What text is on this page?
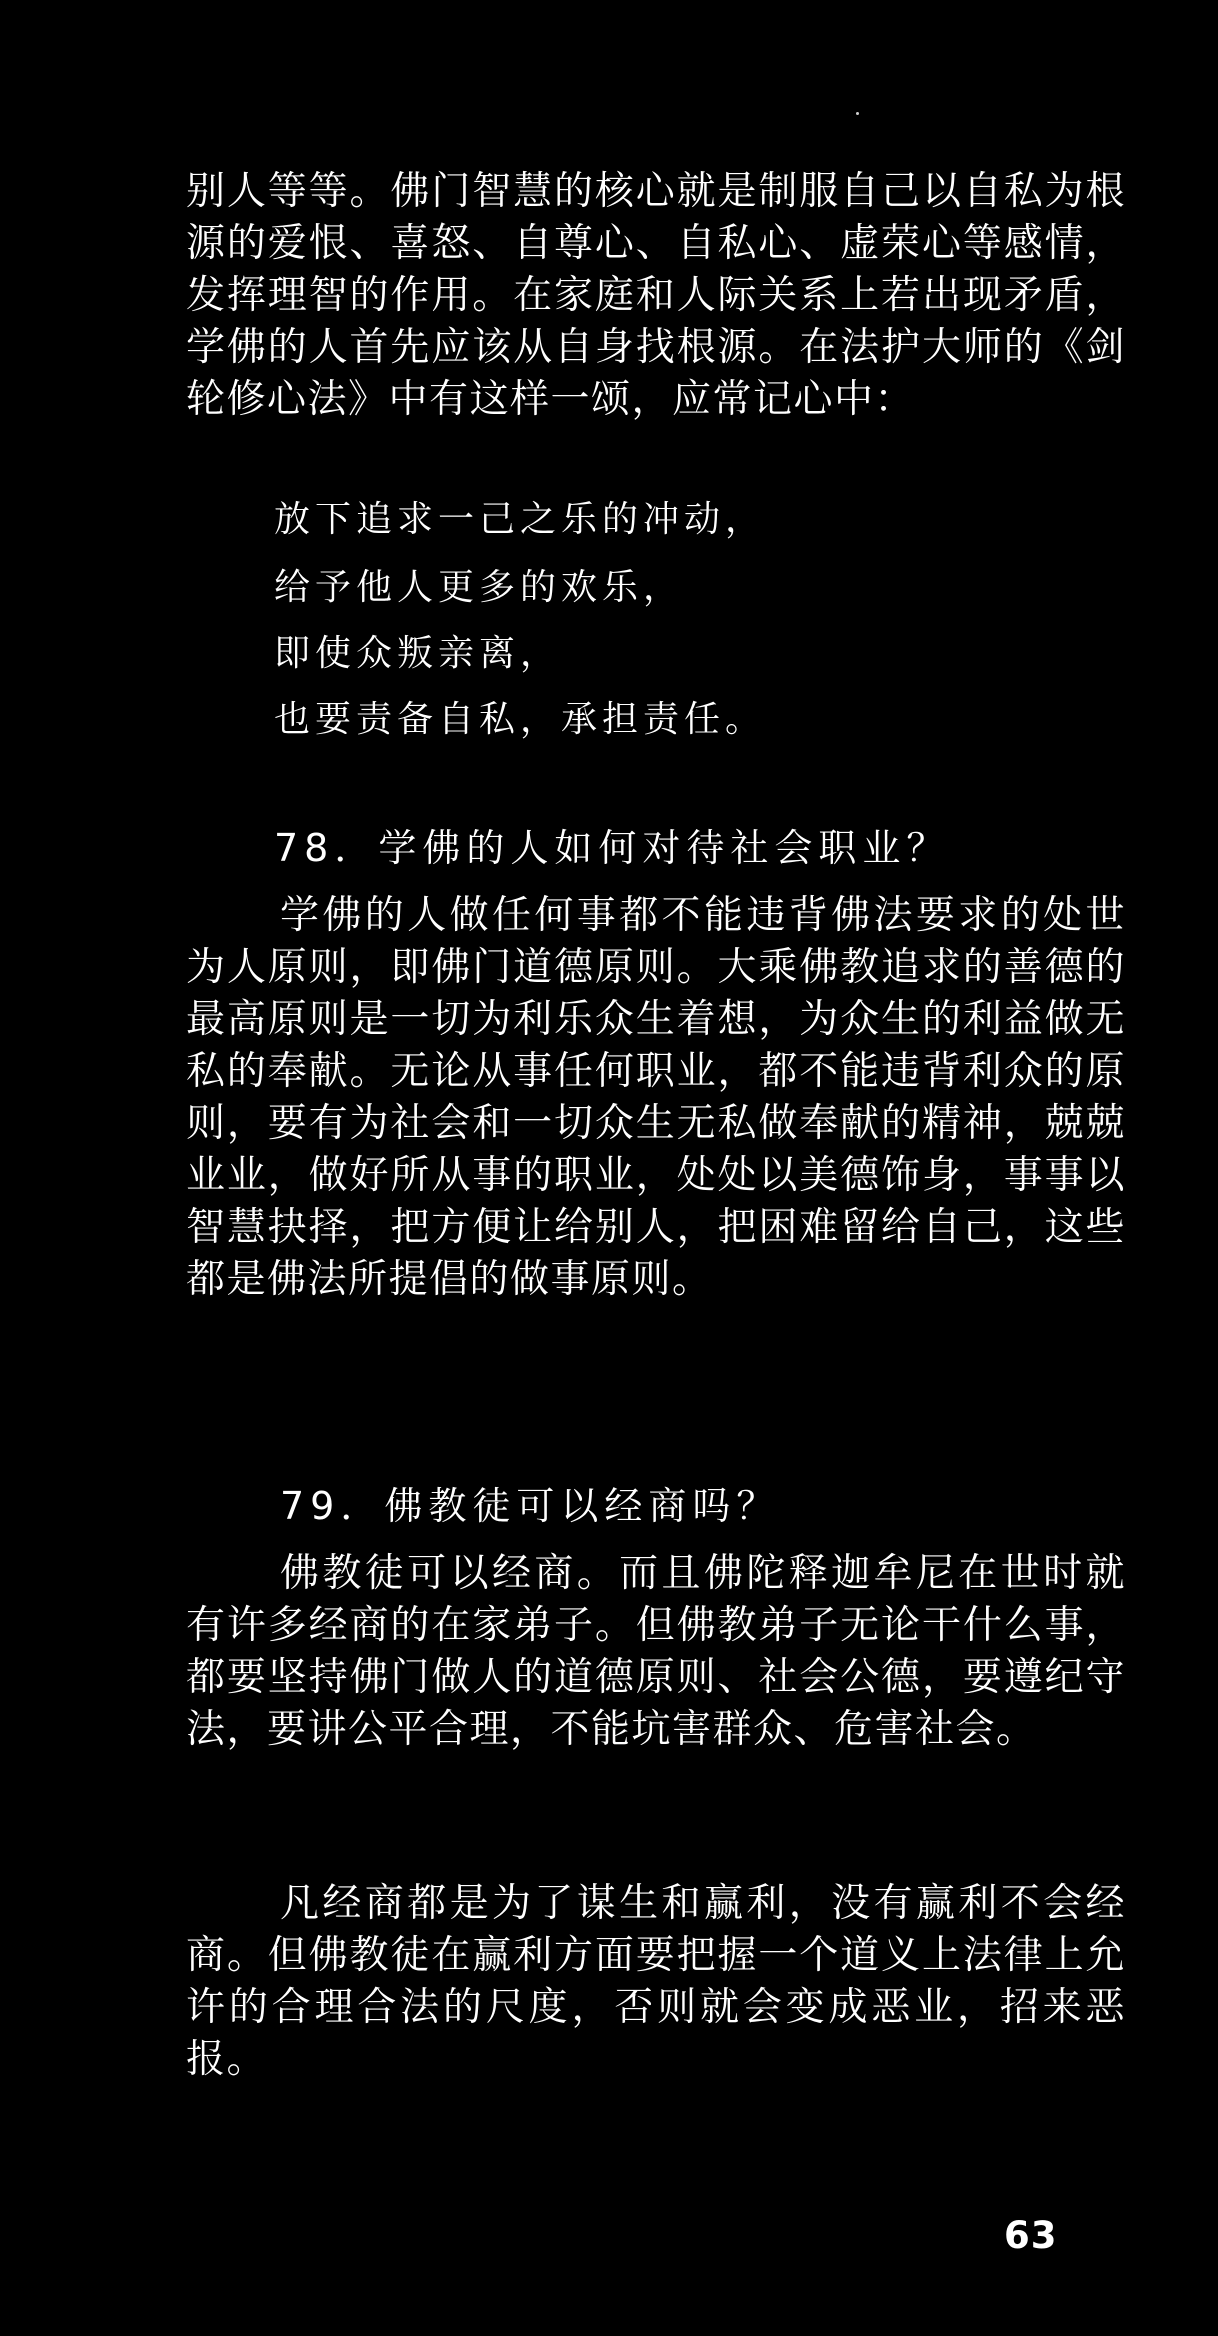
别人等等。佛门智慧的核心就是制服自己以自私为根源的爱恨、喜怒、自尊心、自私心、虚荣心等感情，发挥理智的作用。在家庭和人际关系上若出现矛盾，学佛的人首先应该从自身找根源。在法护大师的《剑轮修心法》中有这样一颂，应常记心中：

放下追求一己之乐的冲动，

给予他人更多的欢乐，

即使众叛亲离，

也要责备自私，承担责任。

78．学佛的人如何对待社会职业？

学佛的人做任何事都不能违背佛法要求的处世为人原则，即佛门道德原则。大乘佛教追求的善德的最高原则是一切为利乐众生着想，为众生的利益做无私的奉献。无论从事任何职业，都不能违背利众的原则，要有为社会和一切众生无私做奉献的精神，兢兢业业，做好所从事的职业，处处以美德饰身，事事以智慧抉择，把方便让给别人，把困难留给自己，这些都是佛法所提倡的做事原则。

79．佛教徒可以经商吗？

佛教徒可以经商。而且佛陀释迦牟尼在世时就有许多经商的在家弟子。但佛教弟子无论干什么事，都要坚持佛门做人的道德原则、社会公德，要遵纪守法，要讲公平合理，不能坑害群众、危害社会。

凡经商都是为了谋生和赢利，没有赢利不会经商。但佛教徒在赢利方面要把握一个道义上法律上允许的合理合法的尺度，否则就会变成恶业，招来恶报。

63
